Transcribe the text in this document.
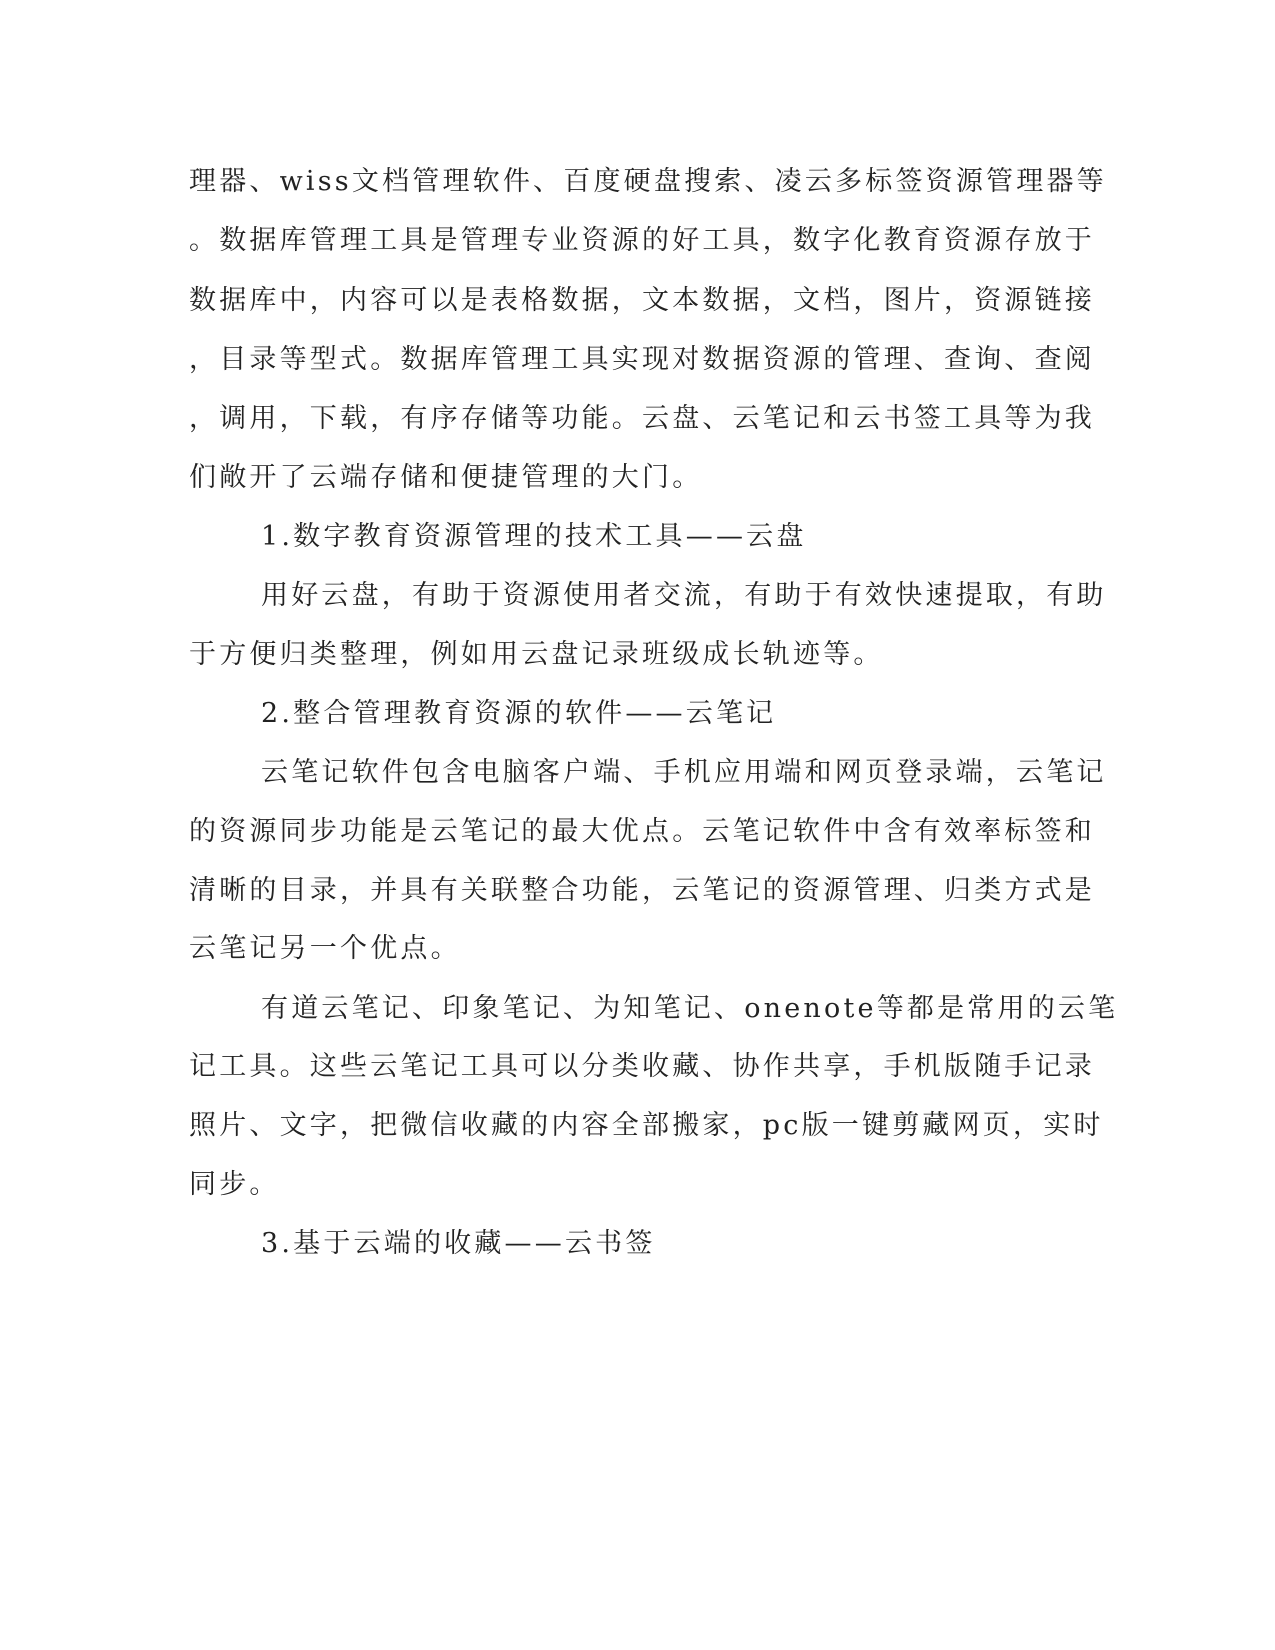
理器、wiss文档管理软件、百度硬盘搜索、凌云多标签资源管理器等
。数据库管理工具是管理专业资源的好工具，数字化教育资源存放于
数据库中，内容可以是表格数据，文本数据，文档，图片，资源链接
，目录等型式。数据库管理工具实现对数据资源的管理、查询、查阅
，调用，下载，有序存储等功能。云盘、云笔记和云书签工具等为我
们敞开了云端存储和便捷管理的大门。
1.数字教育资源管理的技术工具——云盘
用好云盘，有助于资源使用者交流，有助于有效快速提取，有助
于方便归类整理，例如用云盘记录班级成长轨迹等。
2.整合管理教育资源的软件——云笔记
云笔记软件包含电脑客户端、手机应用端和网页登录端，云笔记
的资源同步功能是云笔记的最大优点。云笔记软件中含有效率标签和
清晰的目录，并具有关联整合功能，云笔记的资源管理、归类方式是
云笔记另一个优点。
有道云笔记、印象笔记、为知笔记、onenote等都是常用的云笔
记工具。这些云笔记工具可以分类收藏、协作共享，手机版随手记录
照片、文字，把微信收藏的内容全部搬家，pc版一键剪藏网页，实时
同步。
3.基于云端的收藏——云书签
